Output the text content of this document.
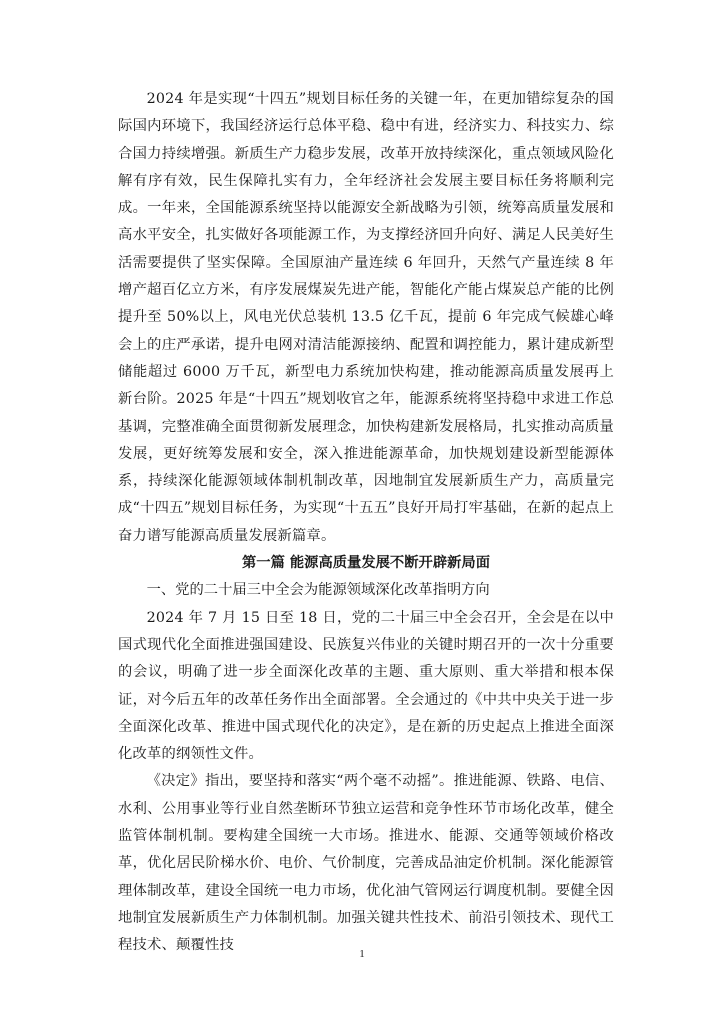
2024 年是实现“十四五”规划目标任务的关键一年，在更加错综复杂的国际国内环境下，我国经济运行总体平稳、稳中有进，经济实力、科技实力、综合国力持续增强。新质生产力稳步发展，改革开放持续深化，重点领域风险化解有序有效，民生保障扎实有力，全年经济社会发展主要目标任务将顺利完成。一年来，全国能源系统坚持以能源安全新战略为引领，统筹高质量发展和高水平安全，扎实做好各项能源工作，为支撑经济回升向好、满足人民美好生活需要提供了坚实保障。全国原油产量连续 6 年回升，天然气产量连续 8 年增产超百亿立方米，有序发展煤炭先进产能，智能化产能占煤炭总产能的比例提升至 50%以上，风电光伏总装机 13.5 亿千瓦，提前 6 年完成气候雄心峰会上的庄严承诺，提升电网对清洁能源接纳、配置和调控能力，累计建成新型储能超过 6000 万千瓦，新型电力系统加快构建，推动能源高质量发展再上新台阶。2025 年是“十四五”规划收官之年，能源系统将坚持稳中求进工作总基调，完整准确全面贯彻新发展理念，加快构建新发展格局，扎实推动高质量发展，更好统筹发展和安全，深入推进能源革命，加快规划建设新型能源体系，持续深化能源领域体制机制改革，因地制宜发展新质生产力，高质量完成“十四五”规划目标任务，为实现“十五五”良好开局打牢基础，在新的起点上奋力谱写能源高质量发展新篇章。

第一篇 能源高质量发展不断开辟新局面

一、党的二十届三中全会为能源领域深化改革指明方向

2024 年 7 月 15 日至 18 日，党的二十届三中全会召开，全会是在以中国式现代化全面推进强国建设、民族复兴伟业的关键时期召开的一次十分重要的会议，明确了进一步全面深化改革的主题、重大原则、重大举措和根本保证，对今后五年的改革任务作出全面部署。全会通过的《中共中央关于进一步全面深化改革、推进中国式现代化的决定》，是在新的历史起点上推进全面深化改革的纲领性文件。

《决定》指出，要坚持和落实“两个毫不动摇”。推进能源、铁路、电信、水利、公用事业等行业自然垄断环节独立运营和竞争性环节市场化改革，健全监管体制机制。要构建全国统一大市场。推进水、能源、交通等领域价格改革，优化居民阶梯水价、电价、气价制度，完善成品油定价机制。深化能源管理体制改革，建设全国统一电力市场，优化油气管网运行调度机制。要健全因地制宜发展新质生产力体制机制。加强关键共性技术、前沿引领技术、现代工程技术、颠覆性技

1
